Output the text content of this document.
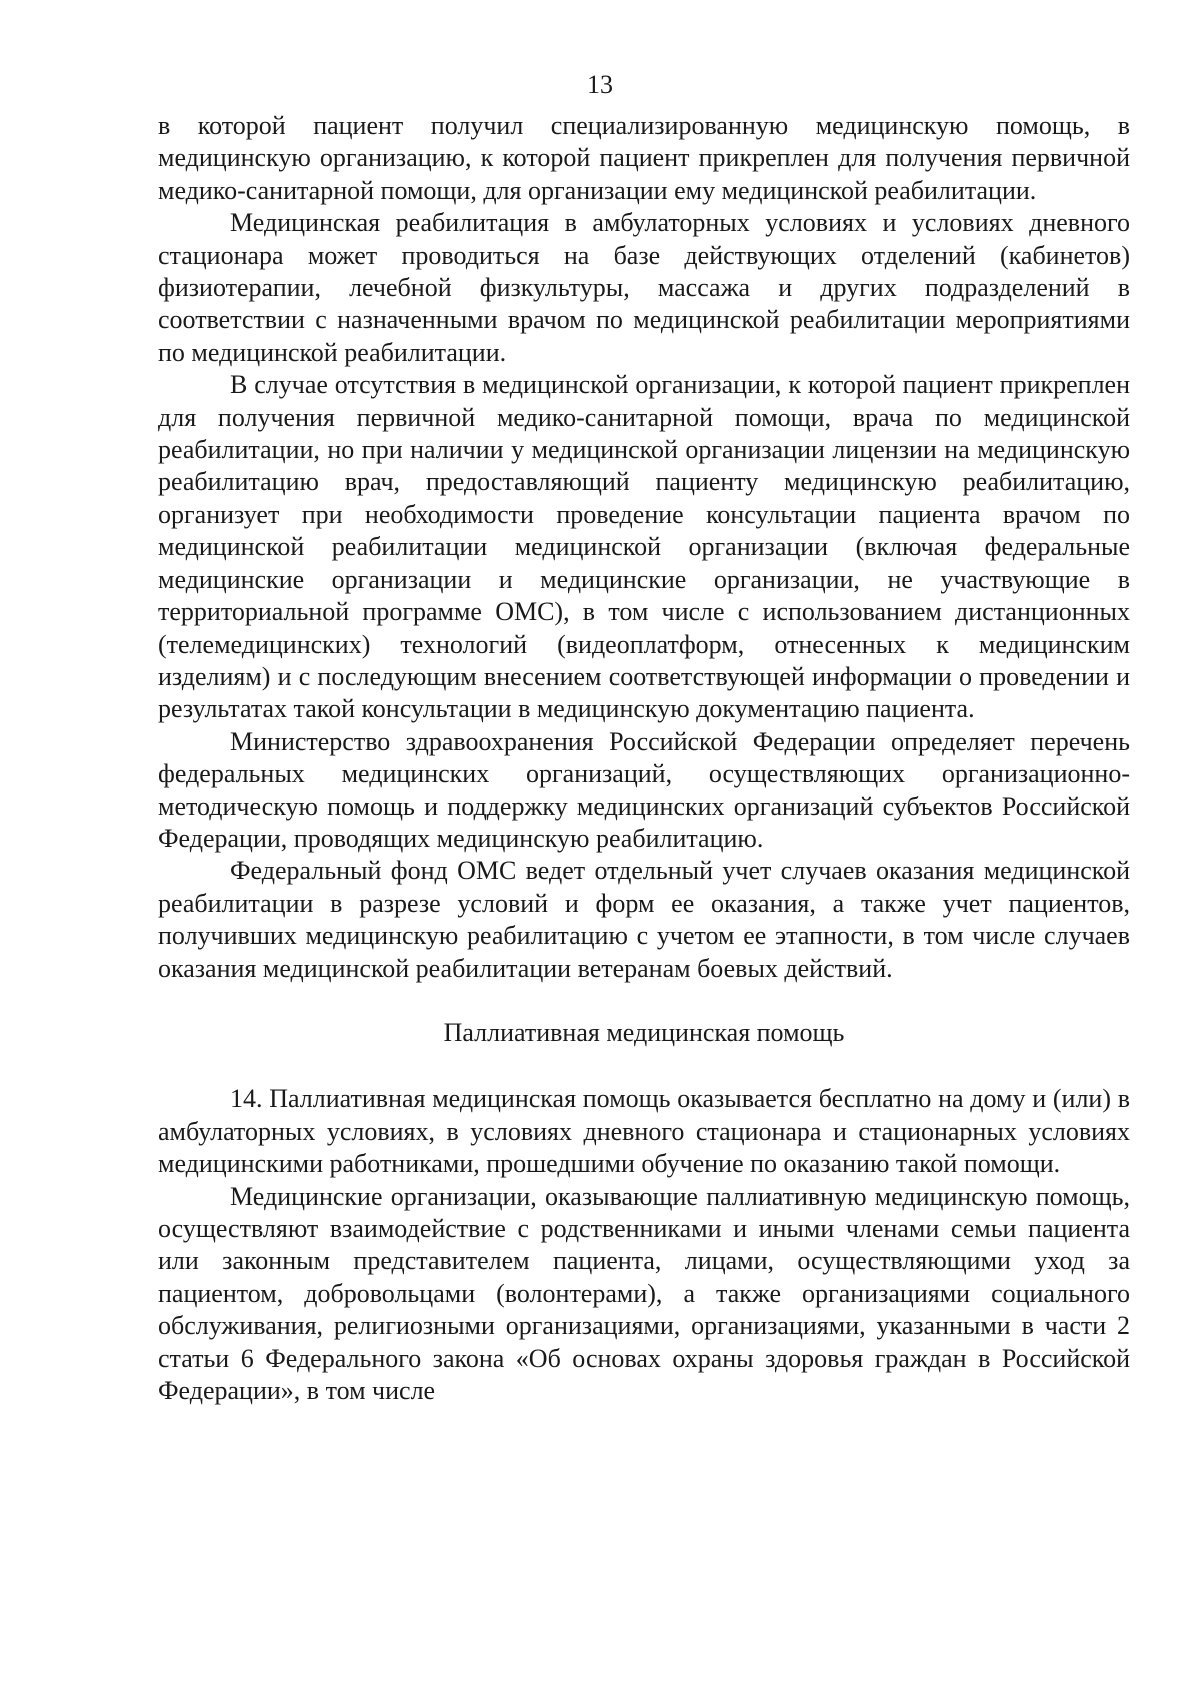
13

в которой пациент получил специализированную медицинскую помощь, в медицинскую организацию, к которой пациент прикреплен для получения первичной медико-санитарной помощи, для организации ему медицинской реабилитации.

Медицинская реабилитация в амбулаторных условиях и условиях дневного стационара может проводиться на базе действующих отделений (кабинетов) физиотерапии, лечебной физкультуры, массажа и других подразделений в соответствии с назначенными врачом по медицинской реабилитации мероприятиями по медицинской реабилитации.

В случае отсутствия в медицинской организации, к которой пациент прикреплен для получения первичной медико-санитарной помощи, врача по медицинской реабилитации, но при наличии у медицинской организации лицензии на медицинскую реабилитацию врач, предоставляющий пациенту медицинскую реабилитацию, организует при необходимости проведение консультации пациента врачом по медицинской реабилитации медицинской организации (включая федеральные медицинские организации и медицинские организации, не участвующие в территориальной программе ОМС), в том числе с использованием дистанционных (телемедицинских) технологий (видеоплатформ, отнесенных к медицинским изделиям) и с последующим внесением соответствующей информации о проведении и результатах такой консультации в медицинскую документацию пациента.

Министерство здравоохранения Российской Федерации определяет перечень федеральных медицинских организаций, осуществляющих организационно-методическую помощь и поддержку медицинских организаций субъектов Российской Федерации, проводящих медицинскую реабилитацию.

Федеральный фонд ОМС ведет отдельный учет случаев оказания медицинской реабилитации в разрезе условий и форм ее оказания, а также учет пациентов, получивших медицинскую реабилитацию с учетом ее этапности, в том числе случаев оказания медицинской реабилитации ветеранам боевых действий.

Паллиативная медицинская помощь

14. Паллиативная медицинская помощь оказывается бесплатно на дому и (или) в амбулаторных условиях, в условиях дневного стационара и стационарных условиях медицинскими работниками, прошедшими обучение по оказанию такой помощи.

Медицинские организации, оказывающие паллиативную медицинскую помощь, осуществляют взаимодействие с родственниками и иными членами семьи пациента или законным представителем пациента, лицами, осуществляющими уход за пациентом, добровольцами (волонтерами), а также организациями социального обслуживания, религиозными организациями, организациями, указанными в части 2 статьи 6 Федерального закона «Об основах охраны здоровья граждан в Российской Федерации», в том числе
